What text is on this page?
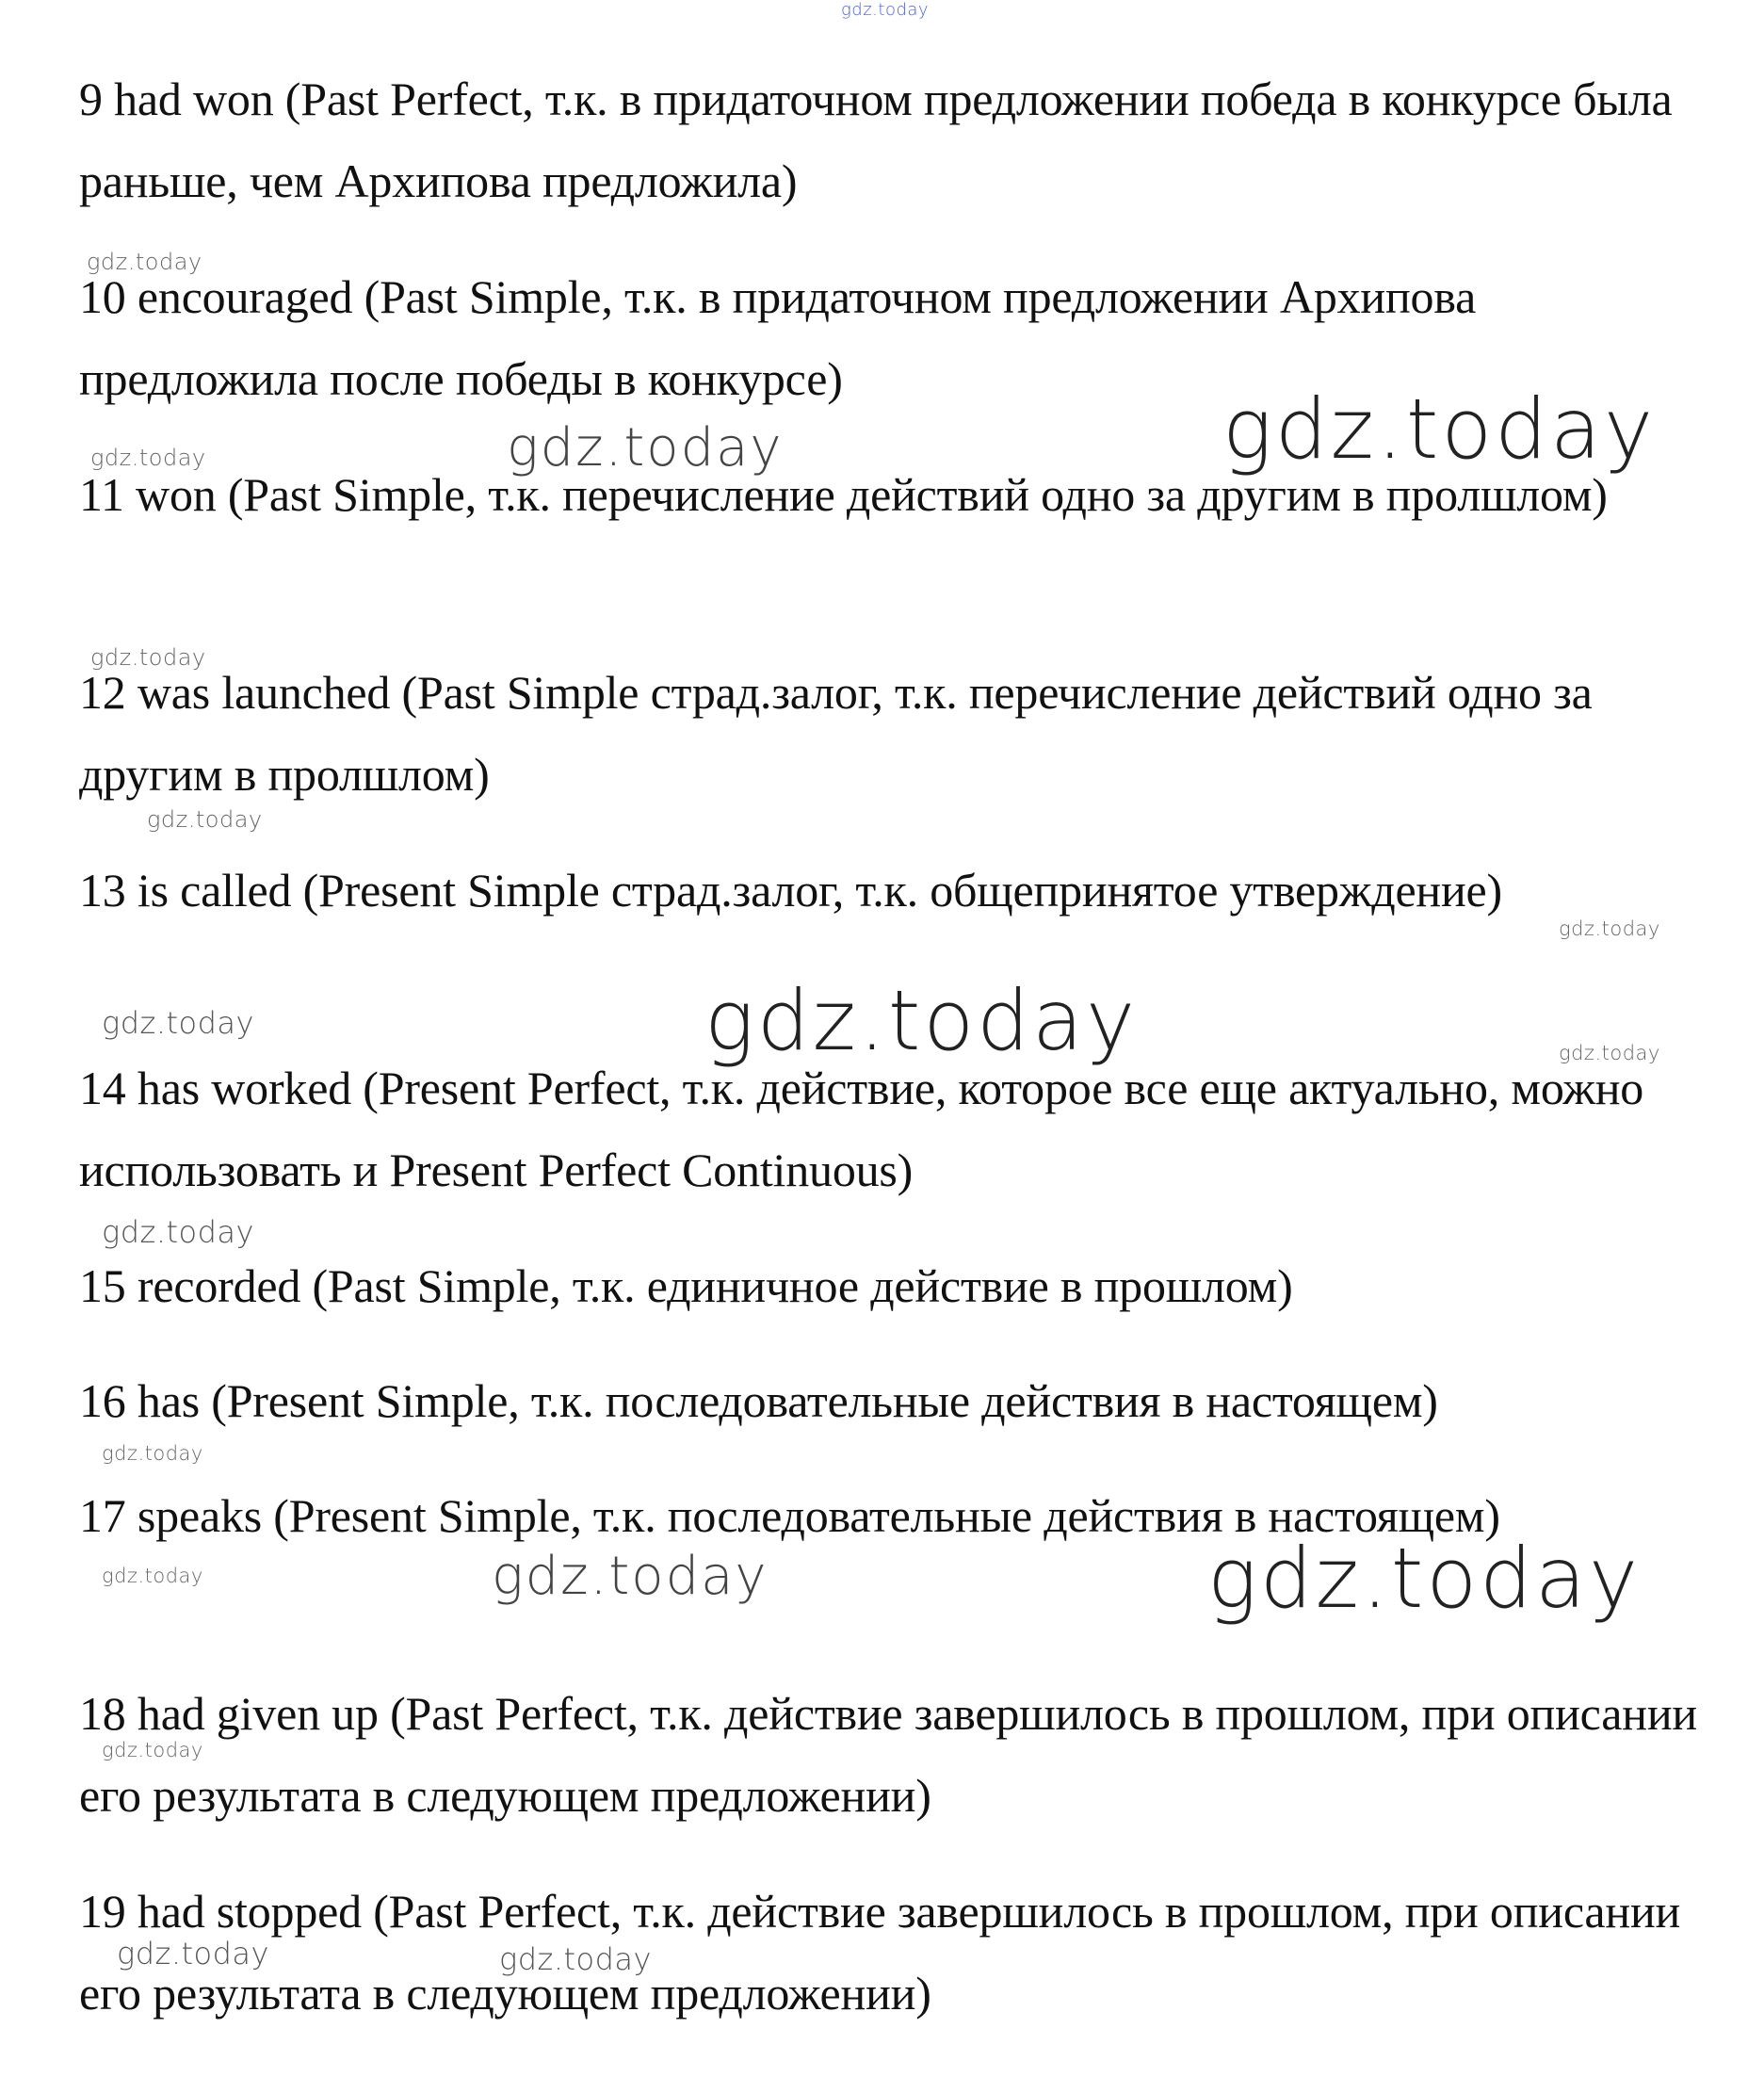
9 had won (Past Perfect, т.к. в придаточном предложении победа в конкурсе была раньше, чем Архипова предложила)

10 encouraged (Past Simple, т.к. в придаточном предложении Архипова предложила после победы в конкурсе)

11 won (Past Simple, т.к. перечисление действий одно за другим в пролшлом)

12 was launched (Past Simple страд.залог, т.к. перечисление действий одно за другим в пролшлом)

13 is called (Present Simple страд.залог, т.к. общепринятое утверждение)

14 has worked (Present Perfect, т.к. действие, которое все еще актуально, можно использовать и Present Perfect Continuous)

15 recorded (Past Simple, т.к. единичное действие в прошлом)

16 has (Present Simple, т.к. последовательные действия в настоящем)

17 speaks (Present Simple, т.к. последовательные действия в настоящем)

18 had given up (Past Perfect, т.к. действие завершилось в прошлом, при описании его результата в следующем предложении)

19 had stopped (Past Perfect, т.к. действие завершилось в прошлом, при описании его результата в следующем предложении)

gdz.today
gdz.today
gdz.today	gdz.today	gdz.today
gdz.today
gdz.today
gdz.today
gdz.today	gdz.today	gdz.today
gdz.today
gdz.today
gdz.today	gdz.today	gdz.today
gdz.today
gdz.today	gdz.today
